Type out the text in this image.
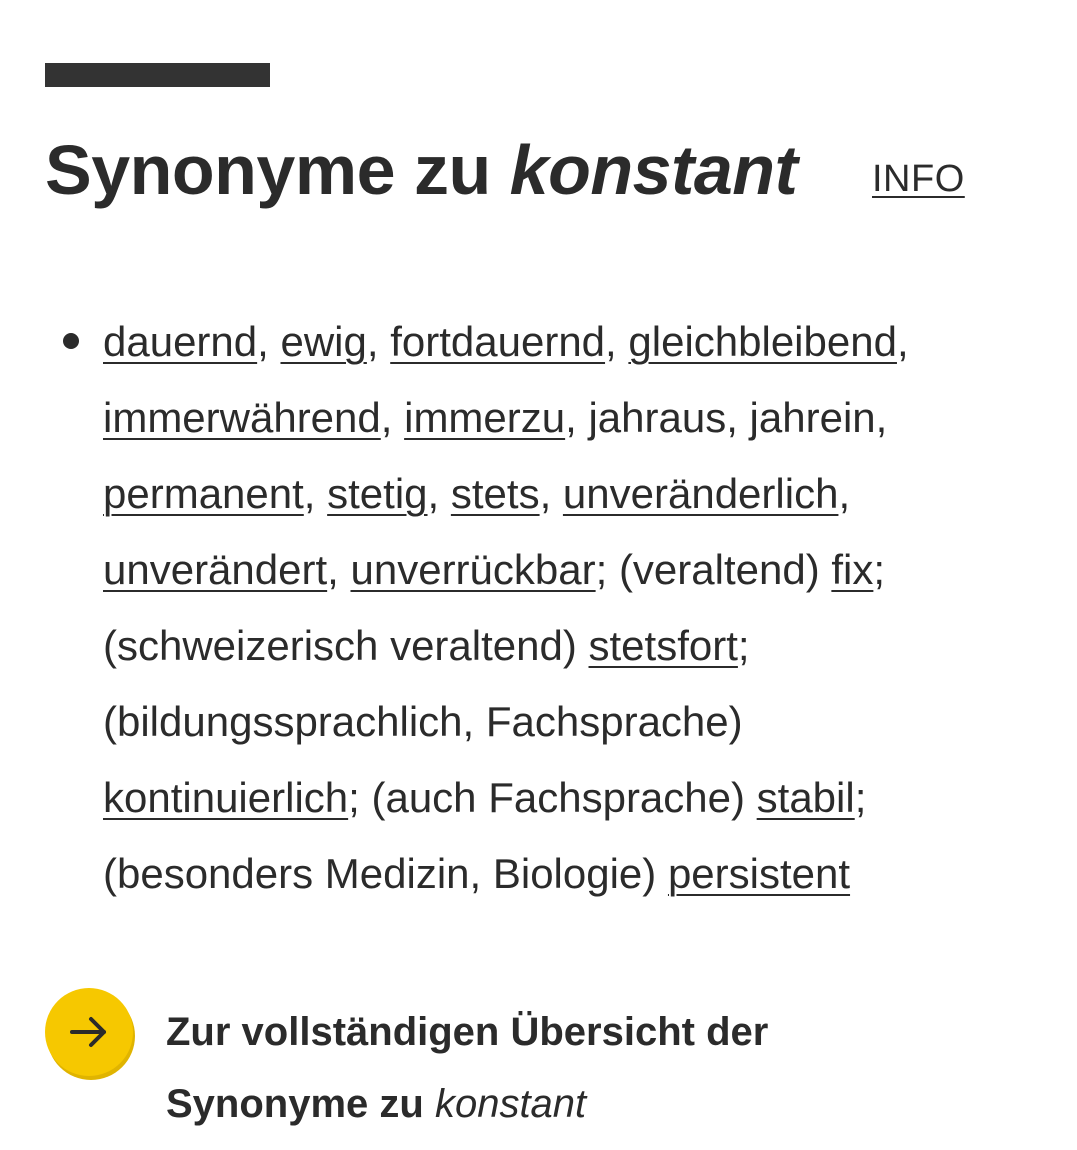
Synonyme zu konstant INFO
dauernd, ewig, fortdauernd, gleichbleibend,
immerwährend, immerzu, jahraus, jahrein,
permanent, stetig, stets, unveränderlich,
unverändert, unverrückbar; (veraltend) fix;
(schweizerisch veraltend) stetsfort;
(bildungssprachlich, Fachsprache)
kontinuierlich; (auch Fachsprache) stabil;
(besonders Medizin, Biologie) persistent
Zur vollständigen Übersicht der
Synonyme zu konstant
